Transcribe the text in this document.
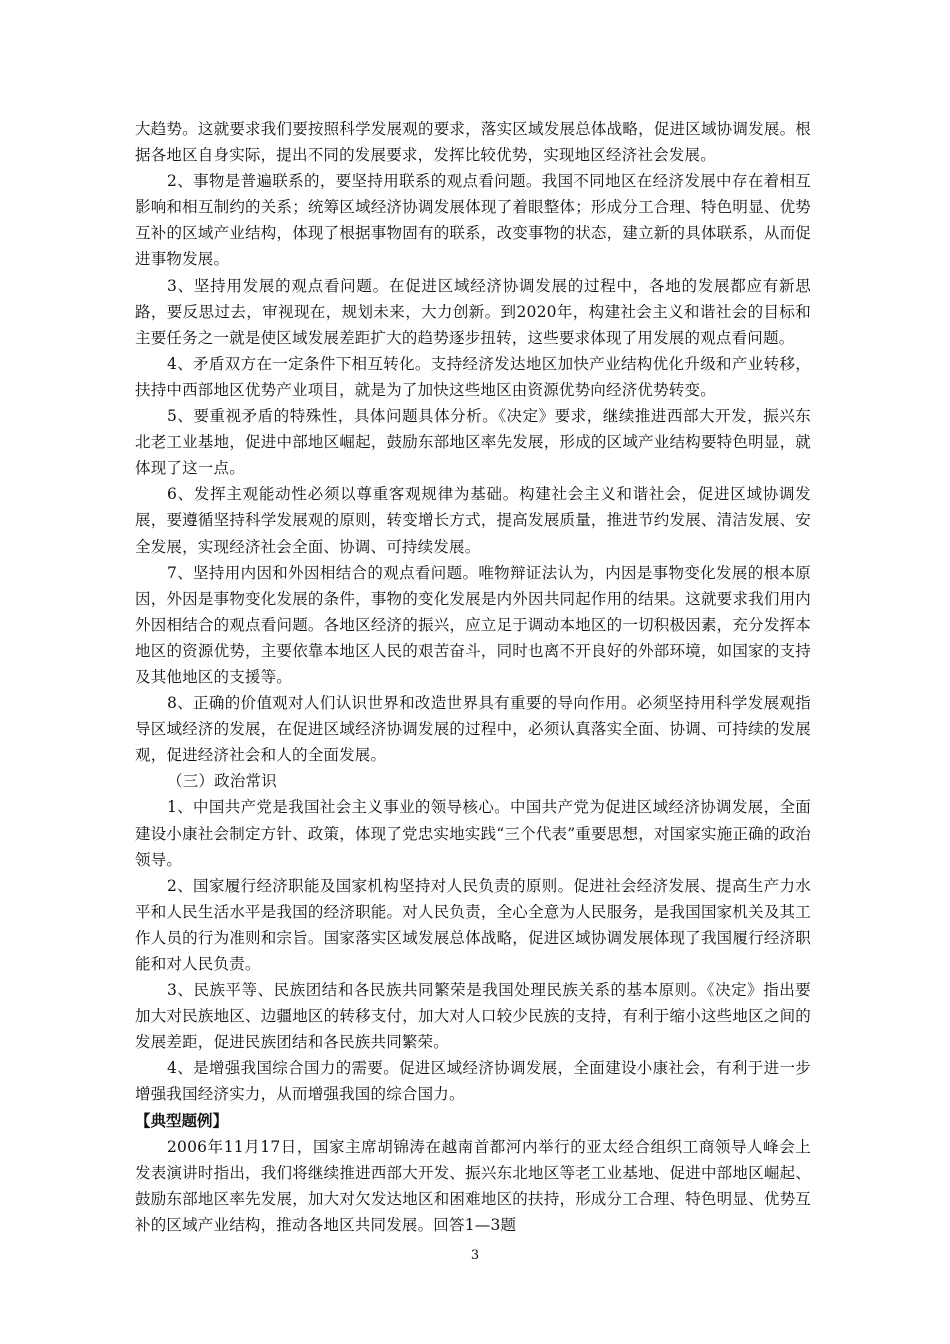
大趋势。这就要求我们要按照科学发展观的要求，落实区域发展总体战略，促进区域协调发展。根据各地区自身实际，提出不同的发展要求，发挥比较优势，实现地区经济社会发展。

2、事物是普遍联系的，要坚持用联系的观点看问题。我国不同地区在经济发展中存在着相互影响和相互制约的关系；统筹区域经济协调发展体现了着眼整体；形成分工合理、特色明显、优势互补的区域产业结构，体现了根据事物固有的联系，改变事物的状态，建立新的具体联系，从而促进事物发展。

3、坚持用发展的观点看问题。在促进区域经济协调发展的过程中，各地的发展都应有新思路，要反思过去，审视现在，规划未来，大力创新。到2020年，构建社会主义和谐社会的目标和主要任务之一就是使区域发展差距扩大的趋势逐步扭转，这些要求体现了用发展的观点看问题。

4、矛盾双方在一定条件下相互转化。支持经济发达地区加快产业结构优化升级和产业转移，扶持中西部地区优势产业项目，就是为了加快这些地区由资源优势向经济优势转变。

5、要重视矛盾的特殊性，具体问题具体分析。《决定》要求，继续推进西部大开发，振兴东北老工业基地，促进中部地区崛起，鼓励东部地区率先发展，形成的区域产业结构要特色明显，就体现了这一点。

6、发挥主观能动性必须以尊重客观规律为基础。构建社会主义和谐社会，促进区域协调发展，要遵循坚持科学发展观的原则，转变增长方式，提高发展质量，推进节约发展、清洁发展、安全发展，实现经济社会全面、协调、可持续发展。

7、坚持用内因和外因相结合的观点看问题。唯物辩证法认为，内因是事物变化发展的根本原因，外因是事物变化发展的条件，事物的变化发展是内外因共同起作用的结果。这就要求我们用内外因相结合的观点看问题。各地区经济的振兴，应立足于调动本地区的一切积极因素，充分发挥本地区的资源优势，主要依靠本地区人民的艰苦奋斗，同时也离不开良好的外部环境，如国家的支持及其他地区的支援等。

8、正确的价值观对人们认识世界和改造世界具有重要的导向作用。必须坚持用科学发展观指导区域经济的发展，在促进区域经济协调发展的过程中，必须认真落实全面、协调、可持续的发展观，促进经济社会和人的全面发展。

（三）政治常识

1、中国共产党是我国社会主义事业的领导核心。中国共产党为促进区域经济协调发展，全面建设小康社会制定方针、政策，体现了党忠实地实践“三个代表”重要思想，对国家实施正确的政治领导。

2、国家履行经济职能及国家机构坚持对人民负责的原则。促进社会经济发展、提高生产力水平和人民生活水平是我国的经济职能。对人民负责，全心全意为人民服务，是我国国家机关及其工作人员的行为准则和宗旨。国家落实区域发展总体战略，促进区域协调发展体现了我国履行经济职能和对人民负责。

3、民族平等、民族团结和各民族共同繁荣是我国处理民族关系的基本原则。《决定》指出要加大对民族地区、边疆地区的转移支付，加大对人口较少民族的支持，有利于缩小这些地区之间的发展差距，促进民族团结和各民族共同繁荣。

4、是增强我国综合国力的需要。促进区域经济协调发展，全面建设小康社会，有利于进一步增强我国经济实力，从而增强我国的综合国力。

【典型题例】

2006年11月17日，国家主席胡锦涛在越南首都河内举行的亚太经合组织工商领导人峰会上发表演讲时指出，我们将继续推进西部大开发、振兴东北地区等老工业基地、促进中部地区崛起、鼓励东部地区率先发展，加大对欠发达地区和困难地区的扶持，形成分工合理、特色明显、优势互补的区域产业结构，推动各地区共同发展。回答1—3题

3
